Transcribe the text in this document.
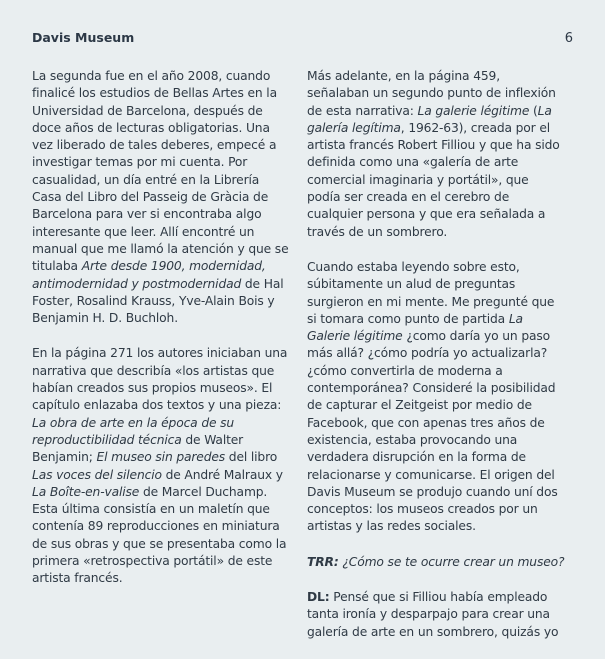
Davis Museum	6

La segunda fue en el año 2008, cuando finalicé los estudios de Bellas Artes en la Universidad de Barcelona, después de doce años de lecturas obligatorias. Una vez liberado de tales deberes, empecé a investigar temas por mi cuenta. Por casualidad, un día entré en la Librería Casa del Libro del Passeig de Gràcia de Barcelona para ver si encontraba algo interesante que leer. Allí encontré un manual que me llamó la atención y que se titulaba Arte desde 1900, modernidad, antimodernidad y postmodernidad de Hal Foster, Rosalind Krauss, Yve-Alain Bois y Benjamin H. D. Buchloh.

En la página 271 los autores iniciaban una narrativa que describía «los artistas que habían creados sus propios museos». El capítulo enlazaba dos textos y una pieza: La obra de arte en la época de su reproductibilidad técnica de Walter Benjamin; El museo sin paredes del libro Las voces del silencio de André Malraux y La Boîte-en-valise de Marcel Duchamp. Esta última consistía en un maletín que contenía 89 reproducciones en miniatura de sus obras y que se presentaba como la primera «retrospectiva portátil» de este artista francés.

Más adelante, en la página 459, señalaban un segundo punto de inflexión de esta narrativa: La galerie légitime (La galería legítima, 1962-63), creada por el artista francés Robert Filliou y que ha sido definida como una «galería de arte comercial imaginaria y portátil», que podía ser creada en el cerebro de cualquier persona y que era señalada a través de un sombrero.

Cuando estaba leyendo sobre esto, súbitamente un alud de preguntas surgieron en mi mente. Me pregunté que si tomara como punto de partida La Galerie légitime ¿como daría yo un paso más allá? ¿cómo podría yo actualizarla? ¿cómo convertirla de moderna a contemporánea? Consideré la posibilidad de capturar el Zeitgeist por medio de Facebook, que con apenas tres años de existencia, estaba provocando una verdadera disrupción en la forma de relacionarse y comunicarse. El origen del Davis Museum se produjo cuando uní dos conceptos: los museos creados por un artistas y las redes sociales.

TRR: ¿Cómo se te ocurre crear un museo?

DL: Pensé que si Filliou había empleado tanta ironía y desparpajo para crear una galería de arte en un sombrero, quizás yo
